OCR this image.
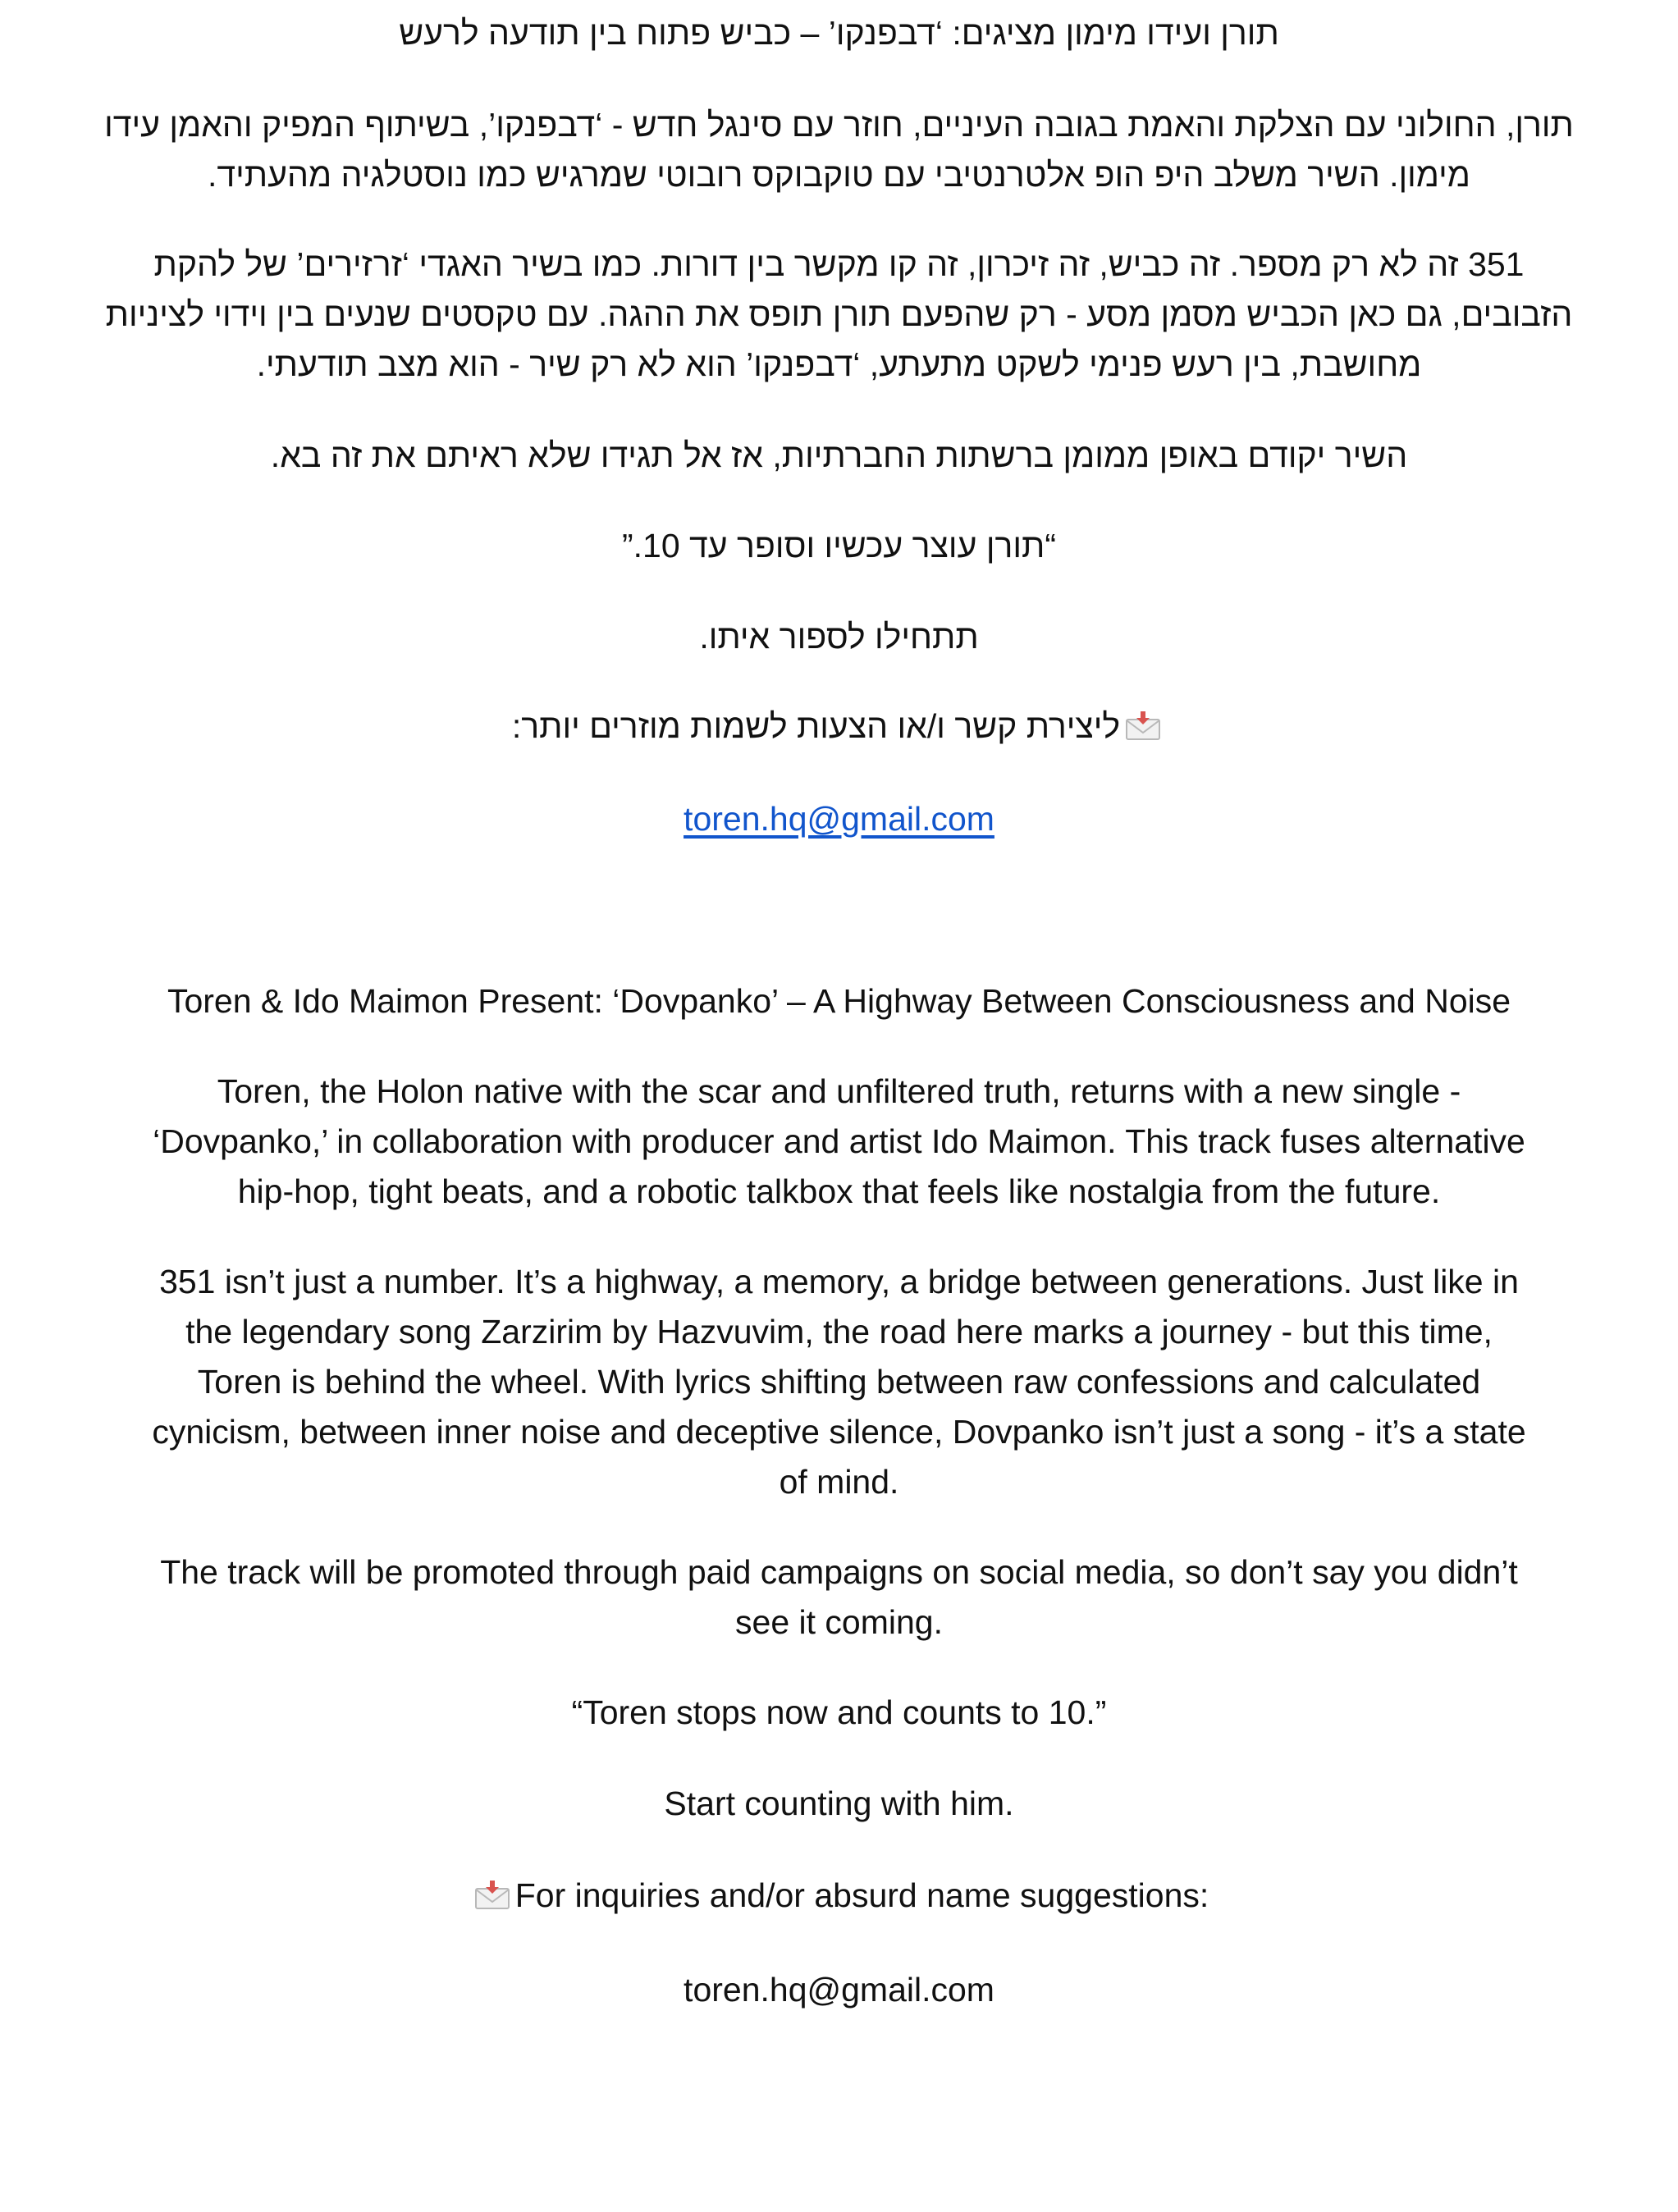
תורן ועידו מימון מציגים: ‘דבפנקו’ – כביש פתוח בין תודעה לרעש

תורן, החולוני עם הצלקת והאמת בגובה העיניים, חוזר עם סינגל חדש - ‘דבפנקו’, בשיתוף המפיק והאמן עידו

מימון. השיר משלב היפ הופ אלטרנטיבי עם טוקבוקס רובוטי שמרגיש כמו נוסטלגיה מהעתיד.

351 זה לא רק מספר. זה כביש, זה זיכרון, זה קו מקשר בין דורות. כמו בשיר האגדי ‘זרזירים’ של להקת

הזבובים, גם כאן הכביש מסמן מסע - רק שהפעם תורן תופס את ההגה. עם טקסטים שנעים בין וידוי לציניות

מחושבת, בין רעש פנימי לשקט מתעתע, ‘דבפנקו’ הוא לא רק שיר - הוא מצב תודעתי.

השיר יקודם באופן ממומן ברשתות החברתיות, אז אל תגידו שלא ראיתם את זה בא.

“תורן עוצר עכשיו וסופר עד 10.”

תתחילו לספור איתו.

ליצירת קשר ו/או הצעות לשמות מוזרים יותר:

toren.hq@gmail.com

Toren & Ido Maimon Present: ‘Dovpanko’ – A Highway Between Consciousness and Noise

Toren, the Holon native with the scar and unfiltered truth, returns with a new single -

‘Dovpanko,’ in collaboration with producer and artist Ido Maimon. This track fuses alternative

hip-hop, tight beats, and a robotic talkbox that feels like nostalgia from the future.

351 isn’t just a number. It’s a highway, a memory, a bridge between generations. Just like in

the legendary song Zarzirim by Hazvuvim, the road here marks a journey - but this time,

Toren is behind the wheel. With lyrics shifting between raw confessions and calculated

cynicism, between inner noise and deceptive silence, Dovpanko isn’t just a song - it’s a state

of mind.

The track will be promoted through paid campaigns on social media, so don’t say you didn’t

see it coming.

“Toren stops now and counts to 10.”

Start counting with him.

For inquiries and/or absurd name suggestions:

toren.hq@gmail.com
